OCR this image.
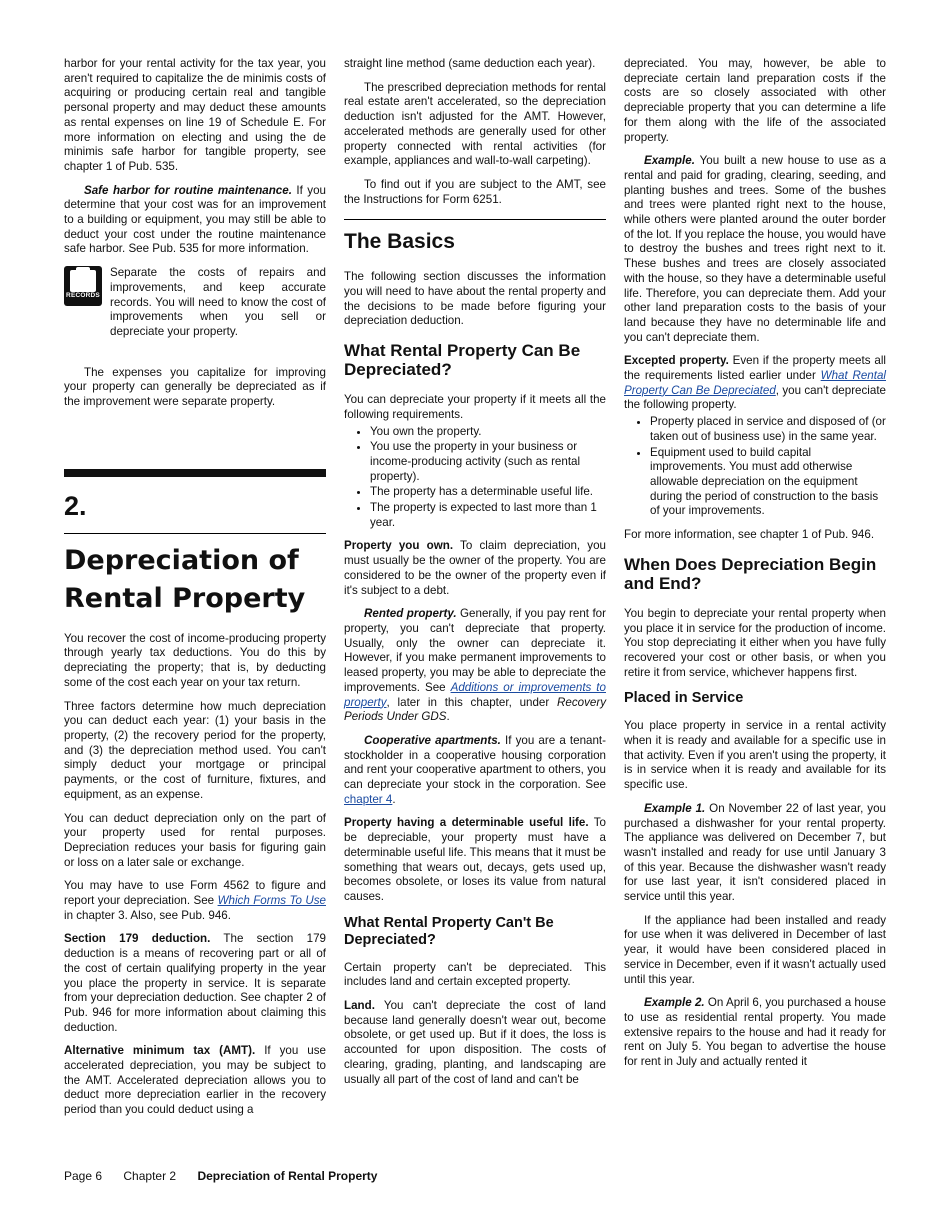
harbor for your rental activity for the tax year, you aren't required to capitalize the de minimis costs of acquiring or producing certain real and tangible personal property and may deduct these amounts as rental expenses on line 19 of Schedule E. For more information on electing and using the de minimis safe harbor for tangible property, see chapter 1 of Pub. 535.

Safe harbor for routine maintenance. If you determine that your cost was for an improvement to a building or equipment, you may still be able to deduct your cost under the routine maintenance safe harbor. See Pub. 535 for more information.

RECORDS

Separate the costs of repairs and improvements, and keep accurate records. You will need to know the cost of improvements when you sell or depreciate your property.

The expenses you capitalize for improving your property can generally be depreciated as if the improvement were separate property.

2.
Depreciation of Rental Property

You recover the cost of income-producing property through yearly tax deductions. You do this by depreciating the property; that is, by deducting some of the cost each year on your tax return.

Three factors determine how much depreciation you can deduct each year: (1) your basis in the property, (2) the recovery period for the property, and (3) the depreciation method used. You can't simply deduct your mortgage or principal payments, or the cost of furniture, fixtures, and equipment, as an expense.

You can deduct depreciation only on the part of your property used for rental purposes. Depreciation reduces your basis for figuring gain or loss on a later sale or exchange.

You may have to use Form 4562 to figure and report your depreciation. See Which Forms To Use in chapter 3. Also, see Pub. 946.

Section 179 deduction. The section 179 deduction is a means of recovering part or all of the cost of certain qualifying property in the year you place the property in service. It is separate from your depreciation deduction. See chapter 2 of Pub. 946 for more information about claiming this deduction.

Alternative minimum tax (AMT). If you use accelerated depreciation, you may be subject to the AMT. Accelerated depreciation allows you to deduct more depreciation earlier in the recovery period than you could deduct using a

straight line method (same deduction each year).

The prescribed depreciation methods for rental real estate aren't accelerated, so the depreciation deduction isn't adjusted for the AMT. However, accelerated methods are generally used for other property connected with rental activities (for example, appliances and wall-to-wall carpeting).

To find out if you are subject to the AMT, see the Instructions for Form 6251.

The Basics

The following section discusses the information you will need to have about the rental property and the decisions to be made before figuring your depreciation deduction.

What Rental Property Can Be Depreciated?

You can depreciate your property if it meets all the following requirements.

• You own the property.
• You use the property in your business or income-producing activity (such as rental property).
• The property has a determinable useful life.
• The property is expected to last more than 1 year.

Property you own. To claim depreciation, you must usually be the owner of the property. You are considered to be the owner of the property even if it's subject to a debt.

Rented property. Generally, if you pay rent for property, you can't depreciate that property. Usually, only the owner can depreciate it. However, if you make permanent improvements to leased property, you may be able to depreciate the improvements. See Additions or improvements to property, later in this chapter, under Recovery Periods Under GDS.

Cooperative apartments. If you are a tenant-stockholder in a cooperative housing corporation and rent your cooperative apartment to others, you can depreciate your stock in the corporation. See chapter 4.

Property having a determinable useful life. To be depreciable, your property must have a determinable useful life. This means that it must be something that wears out, decays, gets used up, becomes obsolete, or loses its value from natural causes.

What Rental Property Can't Be Depreciated?

Certain property can't be depreciated. This includes land and certain excepted property.

Land. You can't depreciate the cost of land because land generally doesn't wear out, become obsolete, or get used up. But if it does, the loss is accounted for upon disposition. The costs of clearing, grading, planting, and landscaping are usually all part of the cost of land and can't be

depreciated. You may, however, be able to depreciate certain land preparation costs if the costs are so closely associated with other depreciable property that you can determine a life for them along with the life of the associated property.

Example. You built a new house to use as a rental and paid for grading, clearing, seeding, and planting bushes and trees. Some of the bushes and trees were planted right next to the house, while others were planted around the outer border of the lot. If you replace the house, you would have to destroy the bushes and trees right next to it. These bushes and trees are closely associated with the house, so they have a determinable useful life. Therefore, you can depreciate them. Add your other land preparation costs to the basis of your land because they have no determinable life and you can't depreciate them.

Excepted property. Even if the property meets all the requirements listed earlier under What Rental Property Can Be Depreciated, you can't depreciate the following property.

• Property placed in service and disposed of (or taken out of business use) in the same year.
• Equipment used to build capital improvements. You must add otherwise allowable depreciation on the equipment during the period of construction to the basis of your improvements.

For more information, see chapter 1 of Pub. 946.

When Does Depreciation Begin and End?

You begin to depreciate your rental property when you place it in service for the production of income. You stop depreciating it either when you have fully recovered your cost or other basis, or when you retire it from service, whichever happens first.

Placed in Service

You place property in service in a rental activity when it is ready and available for a specific use in that activity. Even if you aren't using the property, it is in service when it is ready and available for its specific use.

Example 1. On November 22 of last year, you purchased a dishwasher for your rental property. The appliance was delivered on December 7, but wasn't installed and ready for use until January 3 of this year. Because the dishwasher wasn't ready for use last year, it isn't considered placed in service until this year.

If the appliance had been installed and ready for use when it was delivered in December of last year, it would have been considered placed in service in December, even if it wasn't actually used until this year.

Example 2. On April 6, you purchased a house to use as residential rental property. You made extensive repairs to the house and had it ready for rent on July 5. You began to advertise the house for rent in July and actually rented it

Page 6 Chapter 2 Depreciation of Rental Property
